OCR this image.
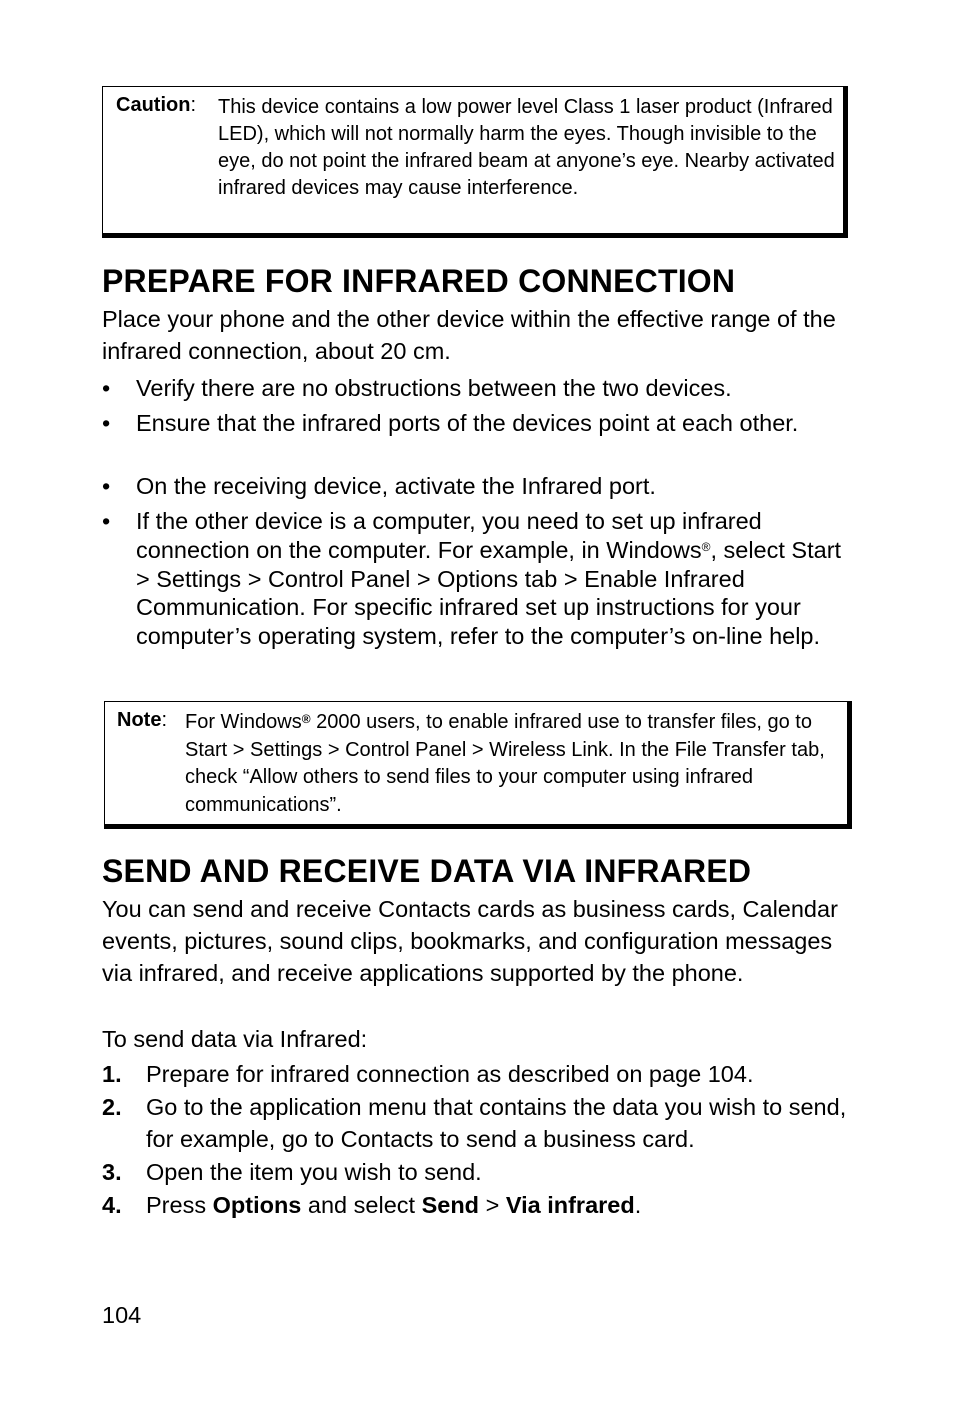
Caution: This device contains a low power level Class 1 laser product (Infrared LED), which will not normally harm the eyes. Though invisible to the eye, do not point the infrared beam at anyone’s eye. Nearby activated infrared devices may cause interference.
PREPARE FOR INFRARED CONNECTION

Place your phone and the other device within the effective range of the infrared connection, about 20 cm.

• Verify there are no obstructions between the two devices.
• Ensure that the infrared ports of the devices point at each other.
• On the receiving device, activate the Infrared port.
• If the other device is a computer, you need to set up infrared connection on the computer. For example, in Windows®, select Start > Settings > Control Panel > Options tab > Enable Infrared Communication. For specific infrared set up instructions for your computer’s operating system, refer to the computer’s on-line help.
Note: For Windows® 2000 users, to enable infrared use to transfer files, go to Start > Settings > Control Panel > Wireless Link. In the File Transfer tab, check “Allow others to send files to your computer using infrared communications”.
SEND AND RECEIVE DATA VIA INFRARED

You can send and receive Contacts cards as business cards, Calendar events, pictures, sound clips, bookmarks, and configuration messages via infrared, and receive applications supported by the phone.

To send data via Infrared:

1. Prepare for infrared connection as described on page 104.
2. Go to the application menu that contains the data you wish to send, for example, go to Contacts to send a business card.
3. Open the item you wish to send.
4. Press Options and select Send > Via infrared.
104
